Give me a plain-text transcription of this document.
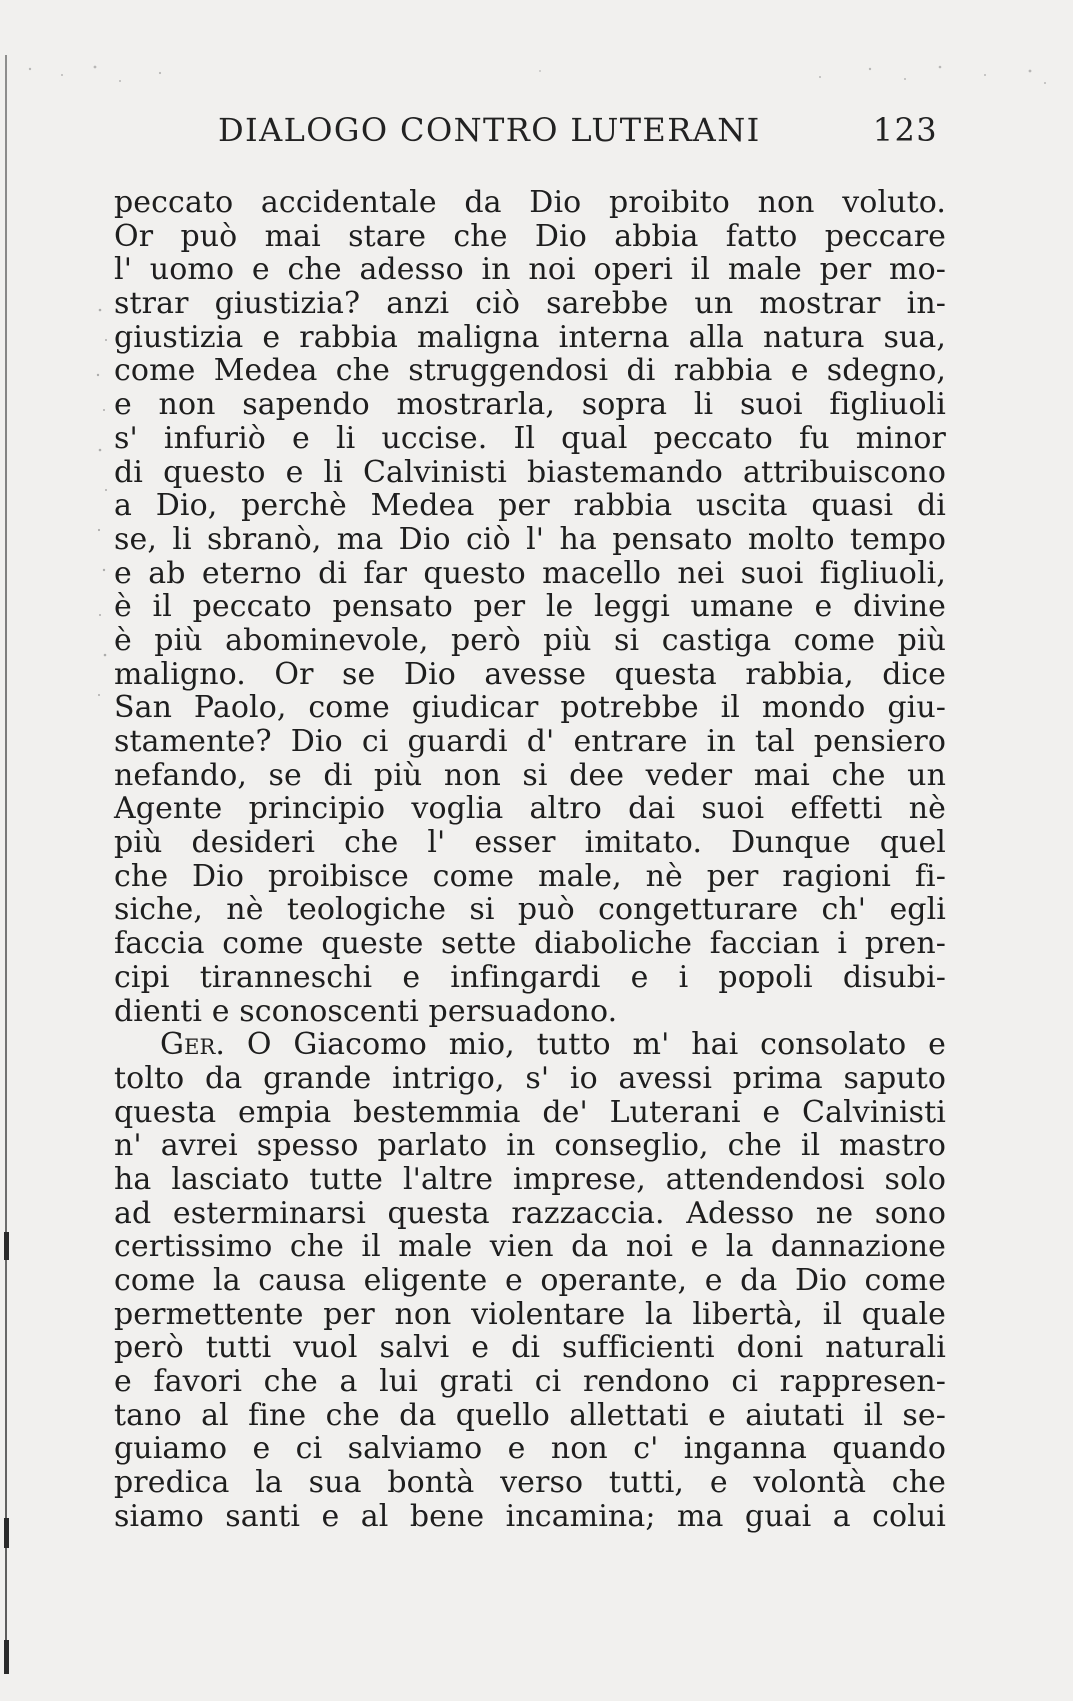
DIALOGO CONTRO LUTERANI	123
peccato accidentale da Dio proibito non voluto.
Or può mai stare che Dio abbia fatto peccare
l' uomo e che adesso in noi operi il male per mo-
strar giustizia? anzi ciò sarebbe un mostrar in-
giustizia e rabbia maligna interna alla natura sua,
come Medea che struggendosi di rabbia e sdegno,
e non sapendo mostrarla, sopra li suoi figliuoli
s' infuriò e li uccise. Il qual peccato fu minor
di questo e li Calvinisti biastemando attribuiscono
a Dio, perchè Medea per rabbia uscita quasi di
se, li sbranò, ma Dio ciò l' ha pensato molto tempo
e ab eterno di far questo macello nei suoi figliuoli,
è il peccato pensato per le leggi umane e divine
è più abominevole, però più si castiga come più
maligno. Or se Dio avesse questa rabbia, dice
San Paolo, come giudicar potrebbe il mondo giu-
stamente? Dio ci guardi d' entrare in tal pensiero
nefando, se di più non si dee veder mai che un
Agente principio voglia altro dai suoi effetti nè
più desideri che l' esser imitato. Dunque quel
che Dio proibisce come male, nè per ragioni fi-
siche, nè teologiche si può congetturare ch' egli
faccia come queste sette diaboliche faccian i pren-
cipi tiranneschi e infingardi e i popoli disubi-
dienti e sconoscenti persuadono.
Ger. O Giacomo mio, tutto m' hai consolato e
tolto da grande intrigo, s' io avessi prima saputo
questa empia bestemmia de' Luterani e Calvinisti
n' avrei spesso parlato in conseglio, che il mastro
ha lasciato tutte l'altre imprese, attendendosi solo
ad esterminarsi questa razzaccia. Adesso ne sono
certissimo che il male vien da noi e la dannazione
come la causa eligente e operante, e da Dio come
permettente per non violentare la libertà, il quale
però tutti vuol salvi e di sufficienti doni naturali
e favori che a lui grati ci rendono ci rappresen-
tano al fine che da quello allettati e aiutati il se-
guiamo e ci salviamo e non c' inganna quando
predica la sua bontà verso tutti, e volontà che
siamo santi e al bene incamina; ma guai a colui
